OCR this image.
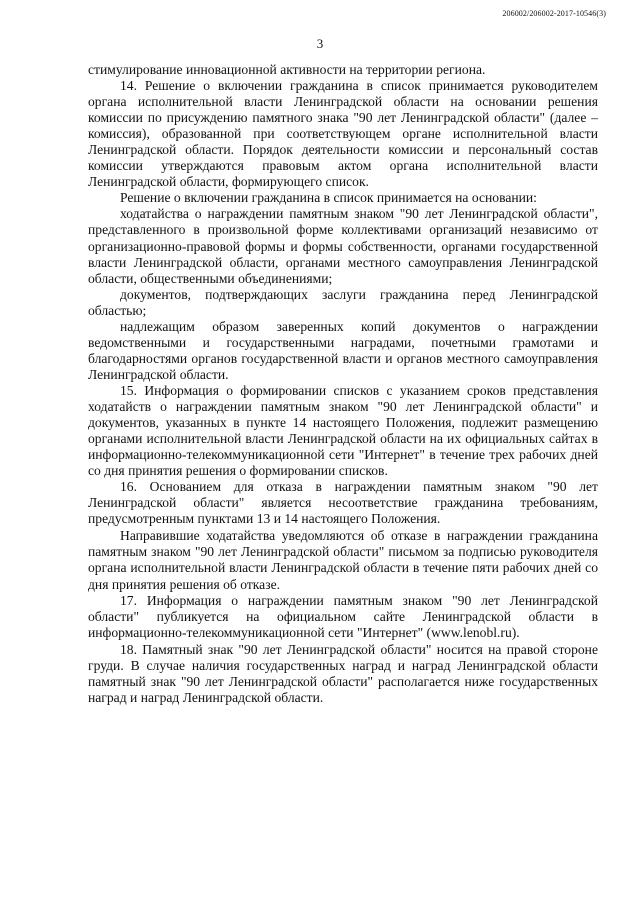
206002/206002-2017-10546(3)
3

стимулирование инновационной активности на территории региона.

14. Решение о включении гражданина в список принимается руководителем органа исполнительной власти Ленинградской области на основании решения комиссии по присуждению памятного знака "90 лет Ленинградской области" (далее – комиссия), образованной при соответствующем органе исполнительной власти Ленинградской области. Порядок деятельности комиссии и персональный состав комиссии утверждаются правовым актом органа исполнительной власти Ленинградской области, формирующего список.

Решение о включении гражданина в список принимается на основании:

ходатайства о награждении памятным знаком "90 лет Ленинградской области", представленного в произвольной форме коллективами организаций независимо от организационно-правовой формы и формы собственности, органами государственной власти Ленинградской области, органами местного самоуправления Ленинградской области, общественными объединениями;

документов, подтверждающих заслуги гражданина перед Ленинградской областью;

надлежащим образом заверенных копий документов о награждении ведомственными и государственными наградами, почетными грамотами и благодарностями органов государственной власти и органов местного самоуправления Ленинградской области.

15. Информация о формировании списков с указанием сроков представления ходатайств о награждении памятным знаком "90 лет Ленинградской области" и документов, указанных в пункте 14 настоящего Положения, подлежит размещению органами исполнительной власти Ленинградской области на их официальных сайтах в информационно-телекоммуникационной сети "Интернет" в течение трех рабочих дней со дня принятия решения о формировании списков.

16. Основанием для отказа в награждении памятным знаком "90 лет Ленинградской области" является несоответствие гражданина требованиям, предусмотренным пунктами 13 и 14 настоящего Положения.

Направившие ходатайства уведомляются об отказе в награждении гражданина памятным знаком "90 лет Ленинградской области" письмом за подписью руководителя органа исполнительной власти Ленинградской области в течение пяти рабочих дней со дня принятия решения об отказе.

17. Информация о награждении памятным знаком "90 лет Ленинградской области" публикуется на официальном сайте Ленинградской области в информационно-телекоммуникационной сети "Интернет" (www.lenobl.ru).

18. Памятный знак "90 лет Ленинградской области" носится на правой стороне груди. В случае наличия государственных наград и наград Ленинградской области памятный знак "90 лет Ленинградской области" располагается ниже государственных наград и наград Ленинградской области.
